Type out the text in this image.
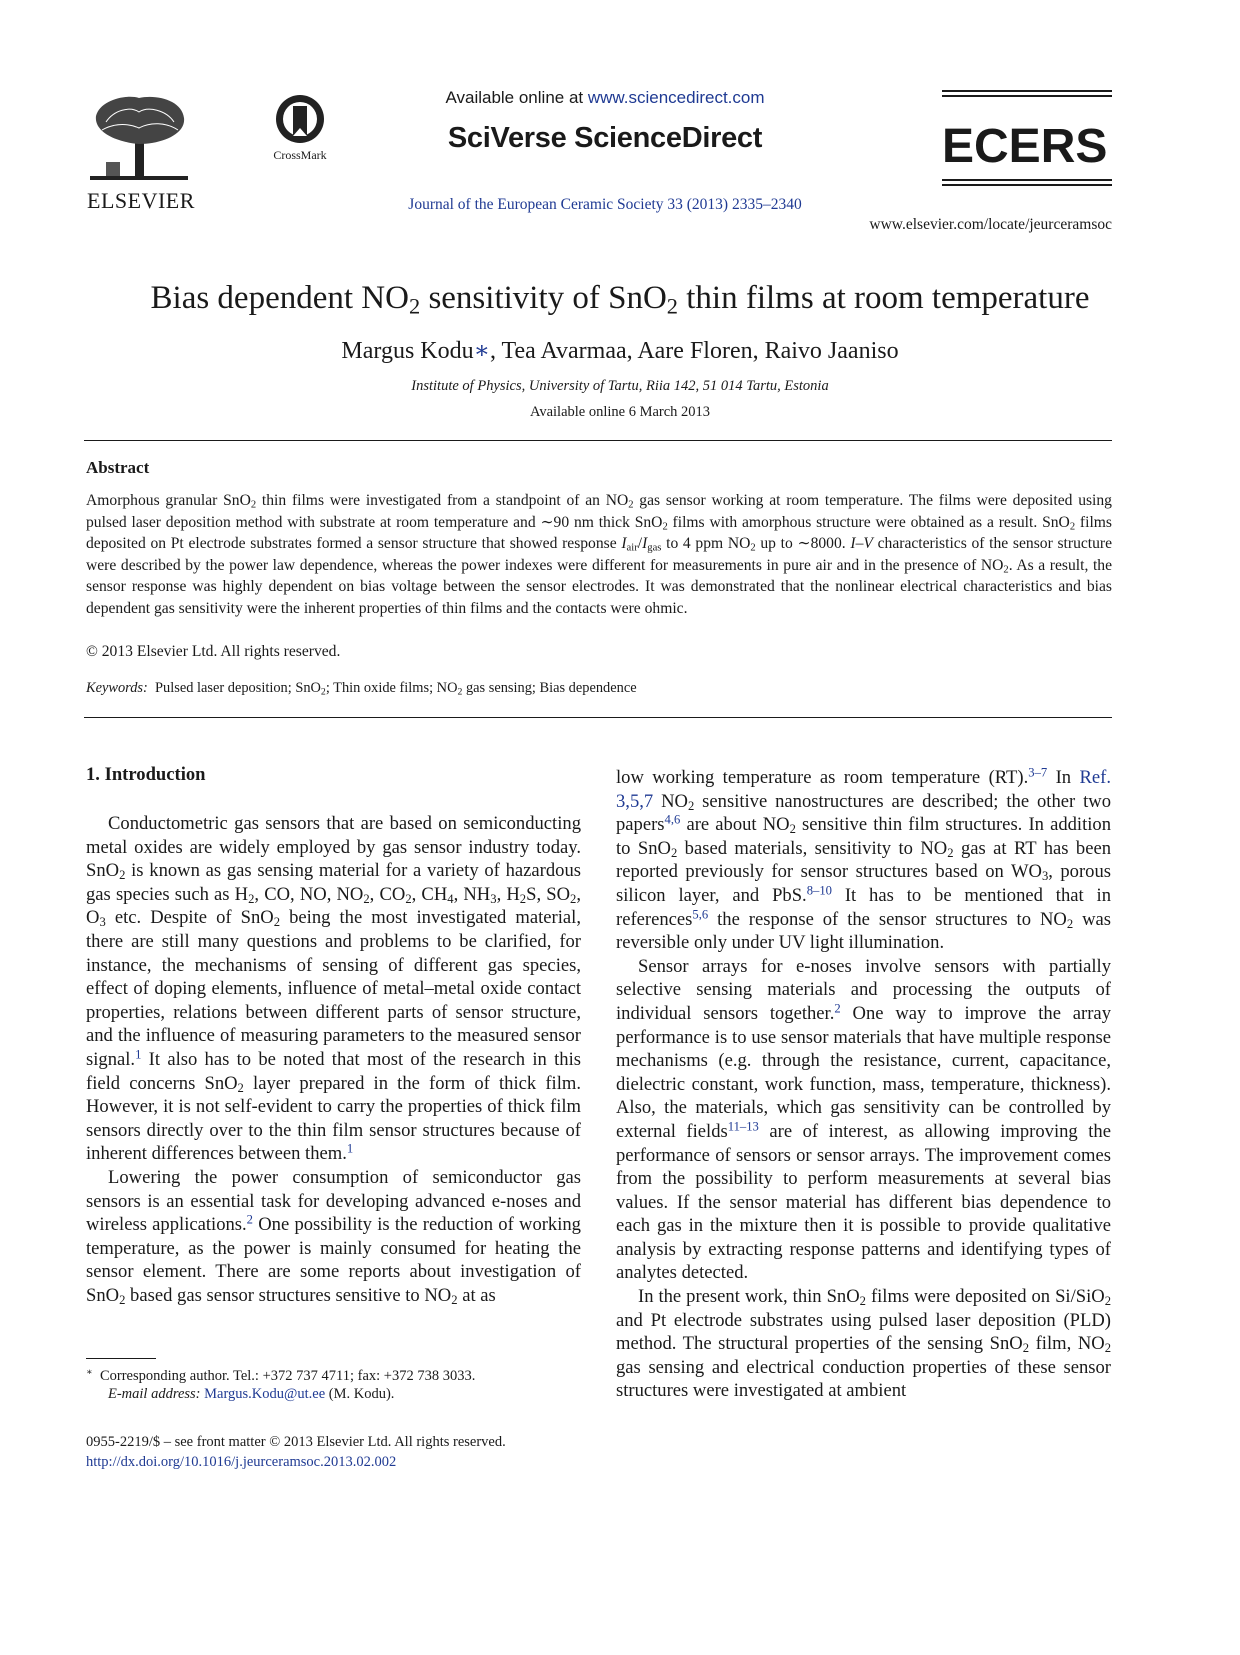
ELSEVIER
CrossMark
Available online at www.sciencedirect.com
SciVerse ScienceDirect
Journal of the European Ceramic Society 33 (2013) 2335–2340
ECERS
www.elsevier.com/locate/jeurceramsoc
Bias dependent $NO_2$ sensitivity of SnO$_2$ thin films at room temperature
Margus Kodu∗, Tea Avarmaa, Aare Floren, Raivo Jaaniso
Institute of Physics, University of Tartu, Riia 142, 51 014 Tartu, Estonia
Available online 6 March 2013
Abstract
Amorphous granular SnO$_2$ thin films were investigated from a standpoint of an $NO_2$ gas sensor working at room temperature. The films were deposited using pulsed laser deposition method with substrate at room temperature and ∼90 nm thick SnO$_2$ films with amorphous structure were obtained as a result. SnO$_2$ films deposited on Pt electrode substrates formed a sensor structure that showed response $I_{air}/I_{gas}$ to 4 ppm $NO_2$ up to ∼8000. I–V characteristics of the sensor structure were described by the power law dependence, whereas the power indexes were different for measurements in pure air and in the presence of $NO_2$. As a result, the sensor response was highly dependent on bias voltage between the sensor electrodes. It was demonstrated that the nonlinear electrical characteristics and bias dependent gas sensitivity were the inherent properties of thin films and the contacts were ohmic.
© 2013 Elsevier Ltd. All rights reserved.
Keywords: Pulsed laser deposition; SnO$_2$; Thin oxide films; $NO_2$ gas sensing; Bias dependence
1. Introduction

Conductometric gas sensors that are based on semiconducting metal oxides are widely employed by gas sensor industry today. SnO$_2$ is known as gas sensing material for a variety of hazardous gas species such as $H_2$, CO, NO, $NO_2$, $CO_2$, $CH_4$, $NH_3$, $H_2S$, $SO_2$, $O_3$ etc. Despite of SnO$_2$ being the most investigated material, there are still many questions and problems to be clarified, for instance, the mechanisms of sensing of different gas species, effect of doping elements, influence of metal–metal oxide contact properties, relations between different parts of sensor structure, and the influence of measuring parameters to the measured sensor signal.$^1$ It also has to be noted that most of the research in this field concerns SnO$_2$ layer prepared in the form of thick film. However, it is not self-evident to carry the properties of thick film sensors directly over to the thin film sensor structures because of inherent differences between them.$^1$

Lowering the power consumption of semiconductor gas sensors is an essential task for developing advanced e-noses and wireless applications.$^2$ One possibility is the reduction of working temperature, as the power is mainly consumed for heating the sensor element. There are some reports about investigation of SnO$_2$ based gas sensor structures sensitive to $NO_2$ at as

∗ Corresponding author. Tel.: +372 737 4711; fax: +372 738 3033.
E-mail address: Margus.Kodu@ut.ee (M. Kodu).
0955-2219/$ – see front matter © 2013 Elsevier Ltd. All rights reserved.
http://dx.doi.org/10.1016/j.jeurceramsoc.2013.02.002

low working temperature as room temperature (RT).$^{3-7}$ In Ref. 3,5,7 $NO_2$ sensitive nanostructures are described; the other two papers$^{4,6}$ are about $NO_2$ sensitive thin film structures. In addition to SnO$_2$ based materials, sensitivity to $NO_2$ gas at RT has been reported previously for sensor structures based on $WO_3$, porous silicon layer, and PbS.$^{8-10}$ It has to be mentioned that in references$^{5,6}$ the response of the sensor structures to $NO_2$ was reversible only under UV light illumination.

Sensor arrays for e-noses involve sensors with partially selective sensing materials and processing the outputs of individual sensors together.$^2$ One way to improve the array performance is to use sensor materials that have multiple response mechanisms (e.g. through the resistance, current, capacitance, dielectric constant, work function, mass, temperature, thickness). Also, the materials, which gas sensitivity can be controlled by external fields$^{11-13}$ are of interest, as allowing improving the performance of sensors or sensor arrays. The improvement comes from the possibility to perform measurements at several bias values. If the sensor material has different bias dependence to each gas in the mixture then it is possible to provide qualitative analysis by extracting response patterns and identifying types of analytes detected.

In the present work, thin SnO$_2$ films were deposited on Si/SiO$_2$ and Pt electrode substrates using pulsed laser deposition (PLD) method. The structural properties of the sensing SnO$_2$ film, $NO_2$ gas sensing and electrical conduction properties of these sensor structures were investigated at ambient
